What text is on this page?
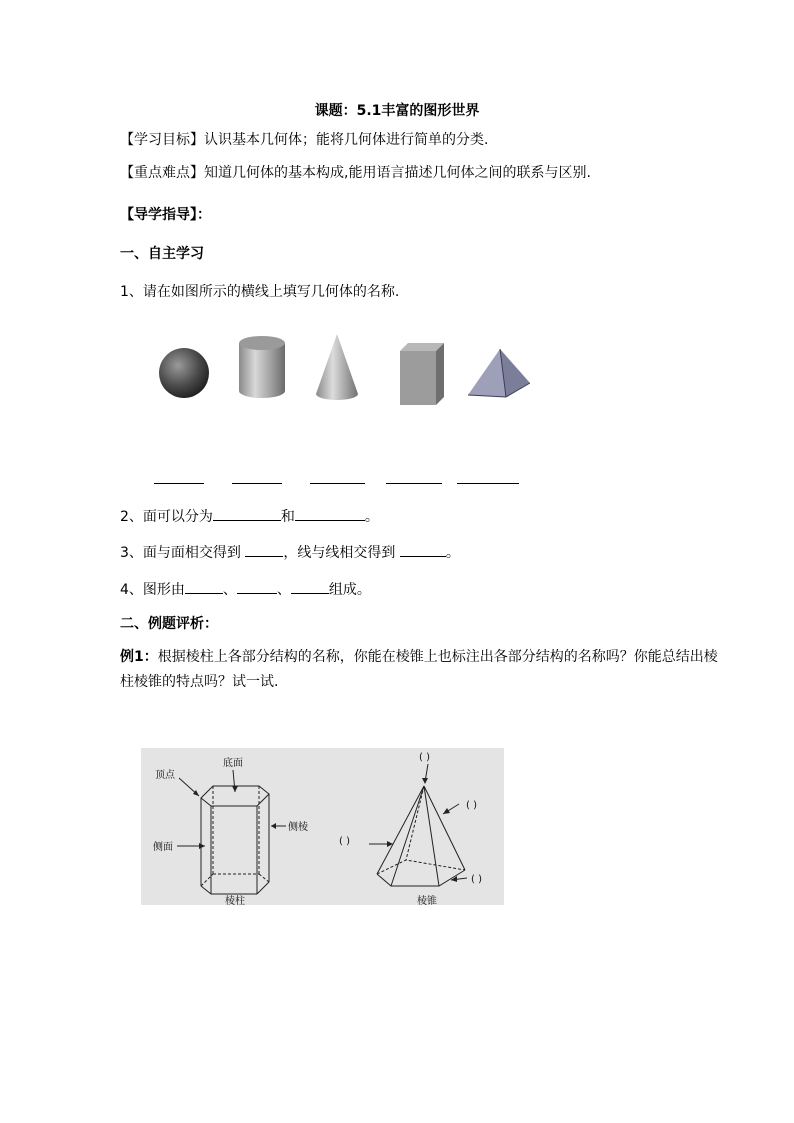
课题：5.1丰富的图形世界
【学习目标】认识基本几何体；能将几何体进行简单的分类.
【重点难点】知道几何体的基本构成,能用语言描述几何体之间的联系与区别.
【导学指导】：
一、自主学习
1、请在如图所示的横线上填写几何体的名称.
2、面可以分为	和	。
3、面与面相交得到	，线与线相交得到	。
4、图形由	、	、	组成。
二、例题评析：
例1：根据棱柱上各部分结构的名称，你能在棱锥上也标注出各部分结构的名称吗？你能总结出棱
柱棱锥的特点吗？试一试.
顶点
底面
侧面
侧棱
棱柱
( )
( )
( )
( )
棱锥
